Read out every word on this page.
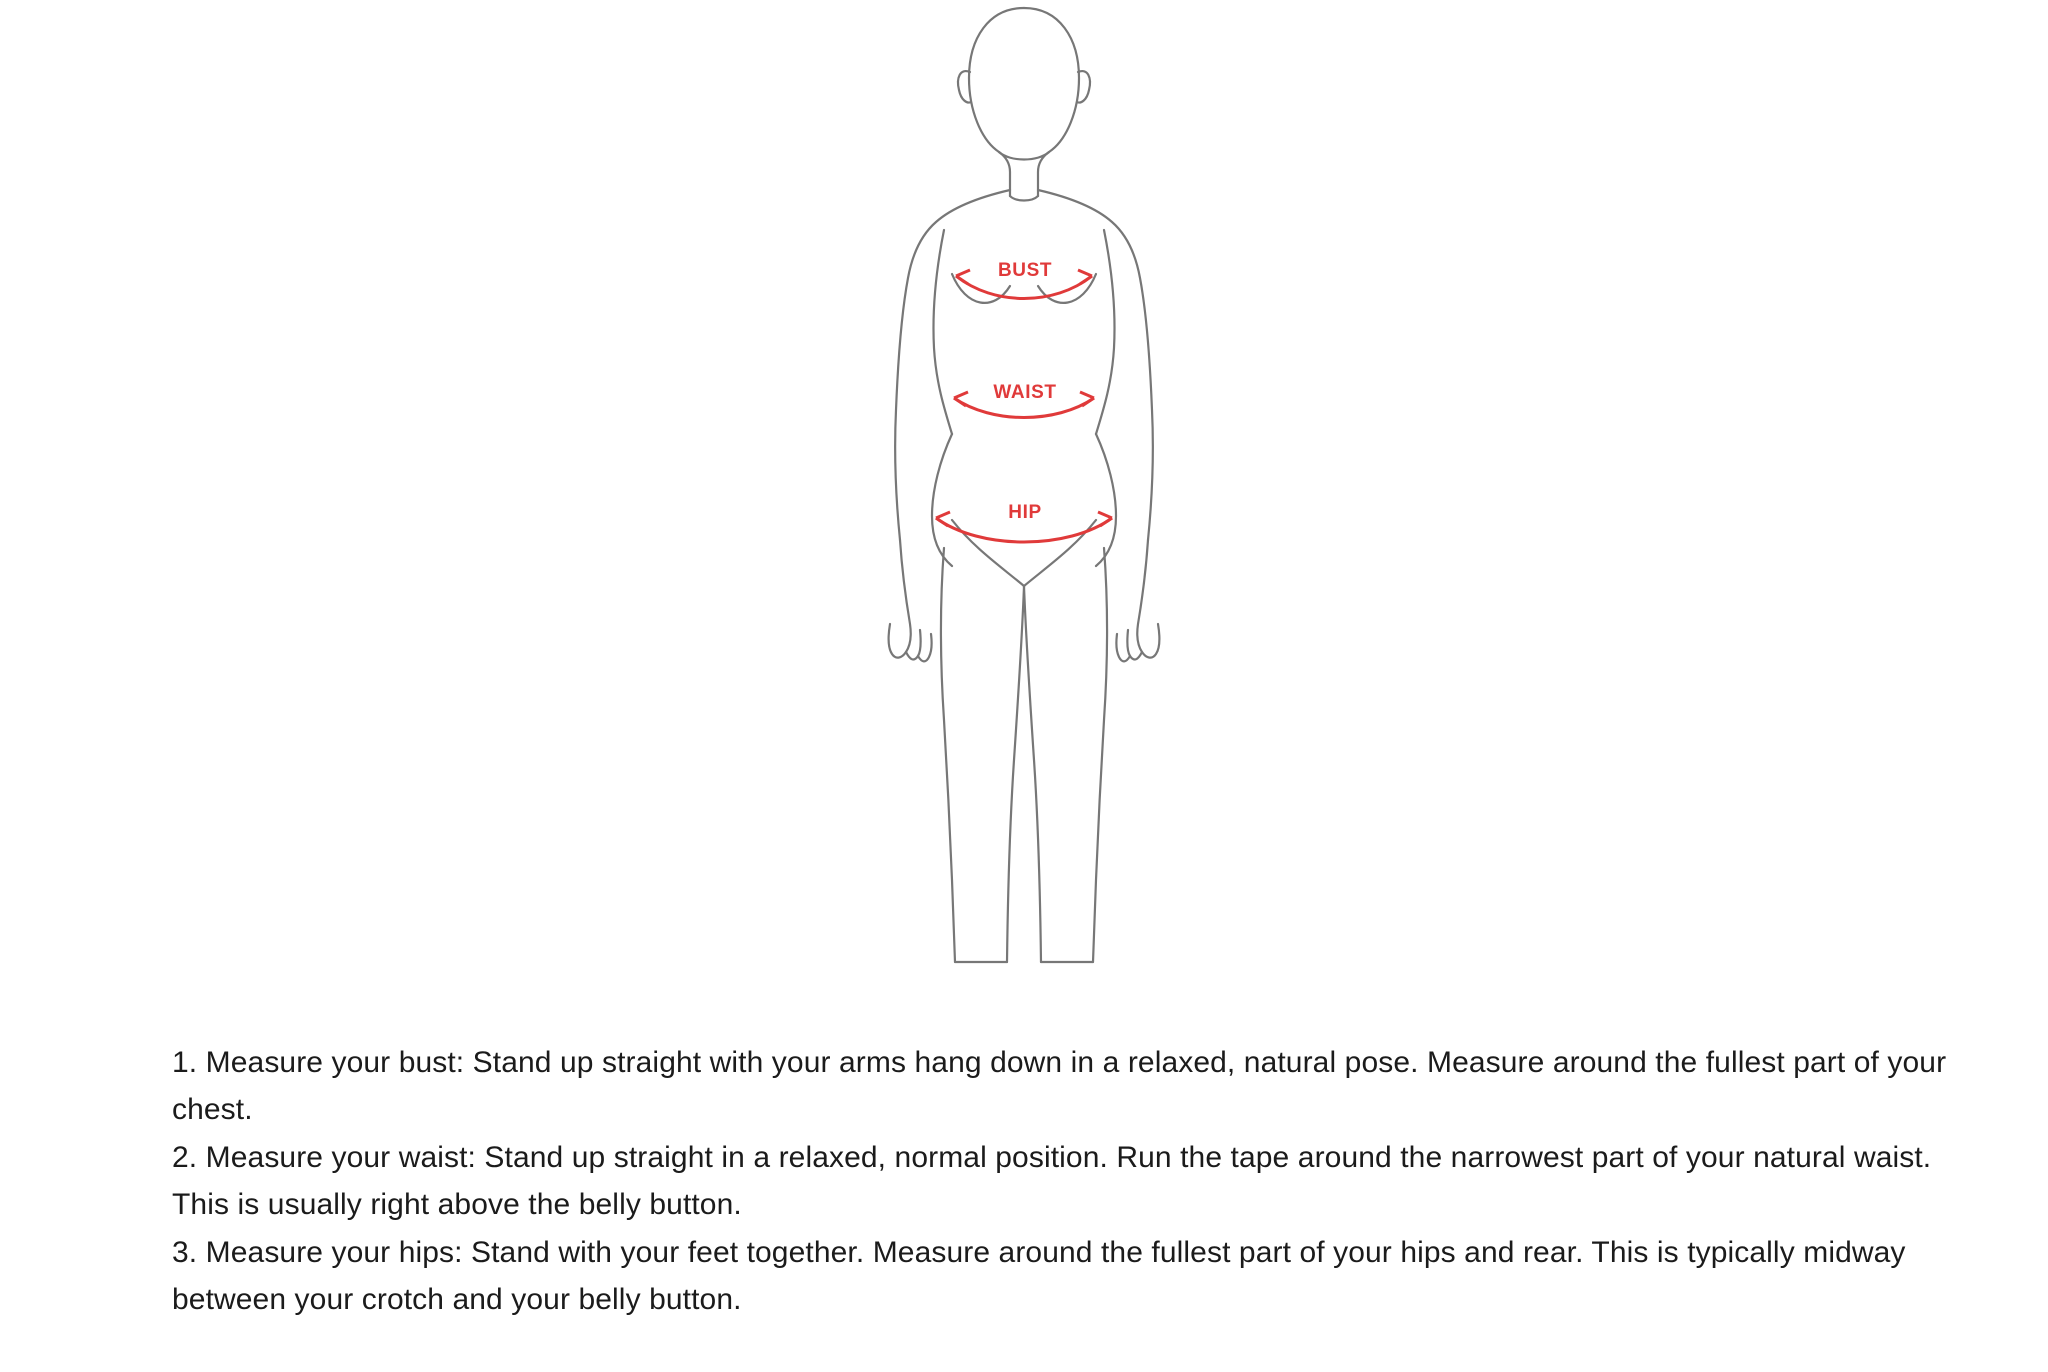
BUST
WAIST
HIP

1. Measure your bust: Stand up straight with your arms hang down in a relaxed, natural pose. Measure around the fullest part of your chest.

2. Measure your waist: Stand up straight in a relaxed, normal position. Run the tape around the narrowest part of your natural waist. This is usually right above the belly button.

3. Measure your hips: Stand with your feet together. Measure around the fullest part of your hips and rear. This is typically midway between your crotch and your belly button.
